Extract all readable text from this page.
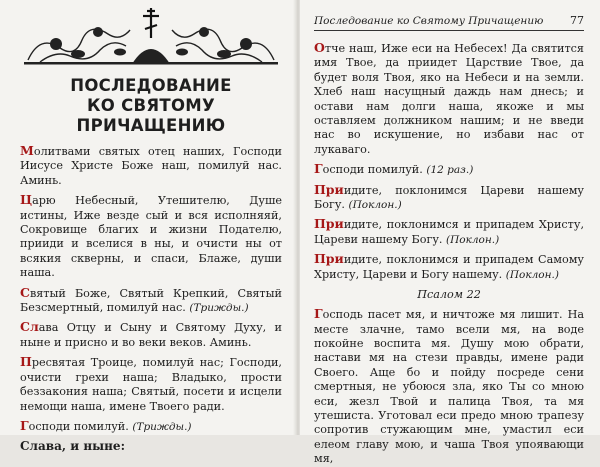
ПОСЛЕДОВАНИЕ
КО СВЯТОМУ ПРИЧАЩЕНИЮ

Молитвами святых отец наших, Господи Иисусе Христе Боже наш, помилуй нас. Аминь.

Царю Небесный, Утешителю, Душе истины, Иже везде сый и вся исполняяй, Сокровище благих и жизни Подателю, прииди и вселися в ны, и очисти ны от всякия скверны, и спаси, Блаже, души наша.

Святый Боже, Святый Крепкий, Святый Безсмертный, помилуй нас. (Трижды.)

Слава Отцу и Сыну и Святому Духу, и ныне и присно и во веки веков. Аминь.

Пресвятая Троице, помилуй нас; Господи, очисти грехи наша; Владыко, прости беззакония наша; Святый, посети и исцели немощи наша, имене Твоего ради.

Господи помилуй. (Трижды.)

Слава, и ныне:

Последование ко Святому Причащению 77

Отче наш, Иже еси на Небесех! Да святится имя Твое, да приидет Царствие Твое, да будет воля Твоя, яко на Небеси и на земли. Хлеб наш насущный даждь нам днесь; и остави нам долги наша, якоже и мы оставляем должником нашим; и не введи нас во искушение, но избави нас от лукаваго.

Господи помилуй. (12 раз.)

Приидите, поклонимся Цареви нашему Богу. (Поклон.)

Приидите, поклонимся и припадем Христу, Цареви нашему Богу. (Поклон.)

Приидите, поклонимся и припадем Самому Христу, Цареви и Богу нашему. (Поклон.)

Псалом 22

Господь пасет мя, и ничтоже мя лишит. На месте злачне, тамо всели мя, на воде покойне воспита мя. Душу мою обрати, настави мя на стези правды, имене ради Своего. Аще бо и пойду посреде сени смертныя, не убоюся зла, яко Ты со мною еси, жезл Твой и палица Твоя, та мя утешиста. Уготовал еси предо мною трапезу сопротив стужающим мне, умастил еси елеом главу мою, и чаша Твоя упоявающи мя,
